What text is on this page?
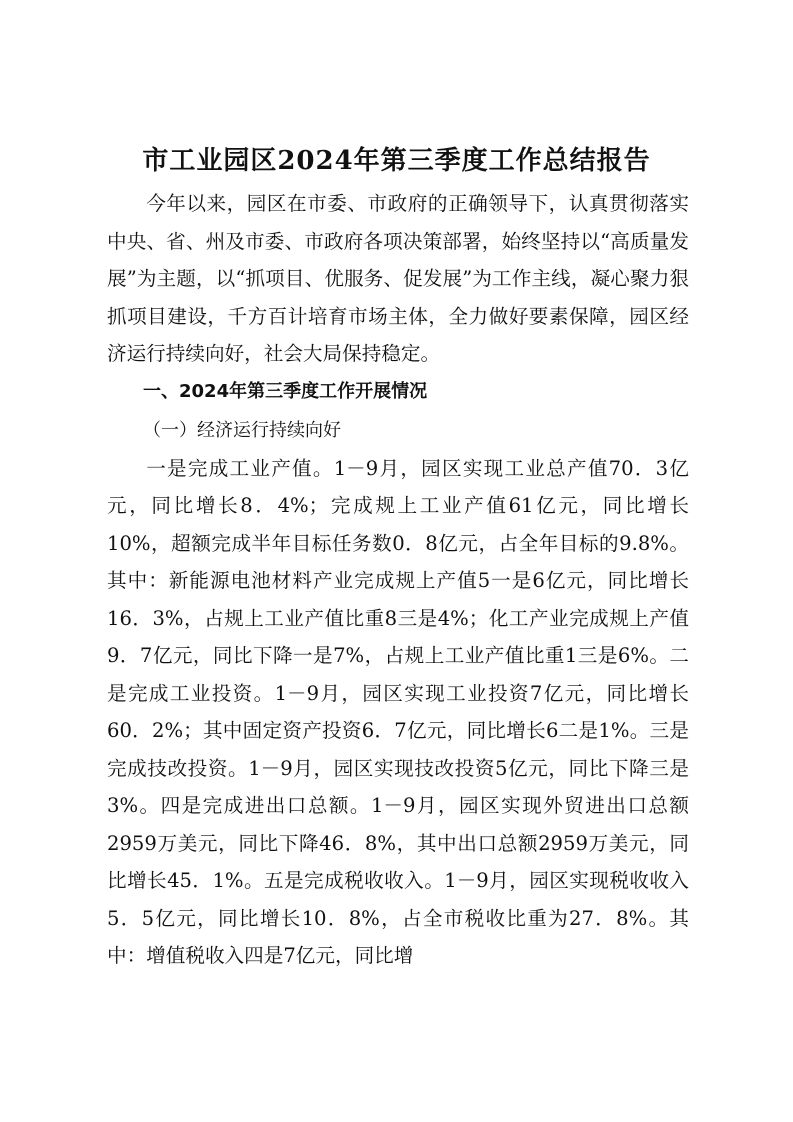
市工业园区2024年第三季度工作总结报告

今年以来，园区在市委、市政府的正确领导下，认真贯彻落实中央、省、州及市委、市政府各项决策部署，始终坚持以“高质量发展”为主题，以“抓项目、优服务、促发展”为工作主线，凝心聚力狠抓项目建设，千方百计培育市场主体，全力做好要素保障，园区经济运行持续向好，社会大局保持稳定。

一、2024年第三季度工作开展情况
（一）经济运行持续向好

一是完成工业产值。1－9月，园区实现工业总产值70．3亿元，同比增长8．4%；完成规上工业产值61亿元，同比增长10%，超额完成半年目标任务数0．8亿元，占全年目标的9.8%。其中：新能源电池材料产业完成规上产值5一是6亿元，同比增长16．3%，占规上工业产值比重8三是4%；化工产业完成规上产值9．7亿元，同比下降一是7%，占规上工业产值比重1三是6%。二是完成工业投资。1－9月，园区实现工业投资7亿元，同比增长60．2%；其中固定资产投资6．7亿元，同比增长6二是1%。三是完成技改投资。1－9月，园区实现技改投资5亿元，同比下降三是3%。四是完成进出口总额。1－9月，园区实现外贸进出口总额2959万美元，同比下降46．8%，其中出口总额2959万美元，同比增长45．1%。五是完成税收收入。1－9月，园区实现税收收入5．5亿元，同比增长10．8%，占全市税收比重为27．8%。其中：增值税收入四是7亿元，同比增
